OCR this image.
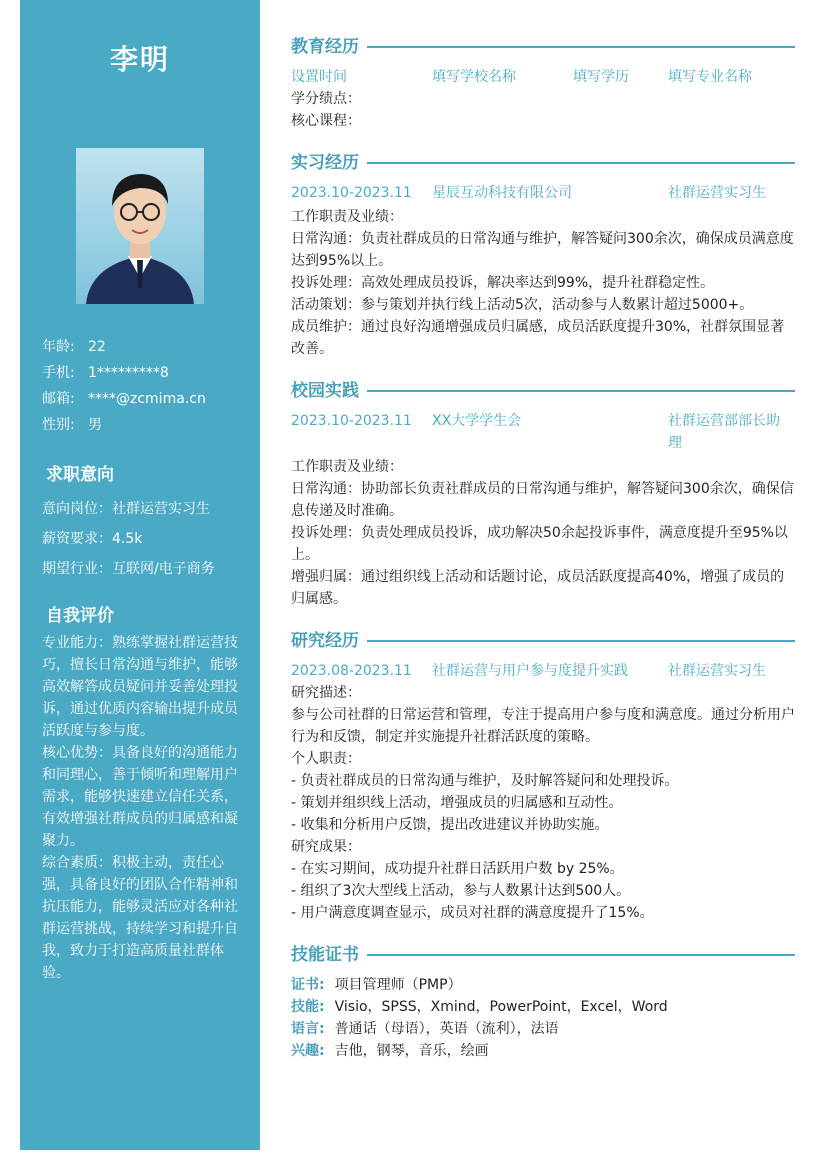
李明
年龄: 22
手机: 1*********8
邮箱: ****@zcmima.cn
性别: 男
求职意向
意向岗位：社群运营实习生
薪资要求：4.5k
期望行业：互联网/电子商务
自我评价
专业能力：熟练掌握社群运营技巧，擅长日常沟通与维护，能够高效解答成员疑问并妥善处理投诉，通过优质内容输出提升成员活跃度与参与度。
核心优势：具备良好的沟通能力和同理心，善于倾听和理解用户需求，能够快速建立信任关系，有效增强社群成员的归属感和凝聚力。
综合素质：积极主动，责任心强，具备良好的团队合作精神和抗压能力，能够灵活应对各种社群运营挑战，持续学习和提升自我，致力于打造高质量社群体验。
教育经历
设置时间	填写学校名称	填写学历	填写专业名称
学分绩点：
核心课程：
实习经历
2023.10-2023.11	星辰互动科技有限公司	社群运营实习生
工作职责及业绩：
日常沟通：负责社群成员的日常沟通与维护，解答疑问300余次，确保成员满意度达到95%以上。
投诉处理：高效处理成员投诉，解决率达到99%，提升社群稳定性。
活动策划：参与策划并执行线上活动5次，活动参与人数累计超过5000+。
成员维护：通过良好沟通增强成员归属感，成员活跃度提升30%，社群氛围显著改善。
校园实践
2023.10-2023.11	XX大学学生会	社群运营部部长助理
工作职责及业绩：
日常沟通：协助部长负责社群成员的日常沟通与维护，解答疑问300余次，确保信息传递及时准确。
投诉处理：负责处理成员投诉，成功解决50余起投诉事件，满意度提升至95%以上。
增强归属：通过组织线上活动和话题讨论，成员活跃度提高40%，增强了成员的归属感。
研究经历
2023.08-2023.11	社群运营与用户参与度提升实践	社群运营实习生
研究描述：
参与公司社群的日常运营和管理，专注于提高用户参与度和满意度。通过分析用户行为和反馈，制定并实施提升社群活跃度的策略。
个人职责：
- 负责社群成员的日常沟通与维护，及时解答疑问和处理投诉。
- 策划并组织线上活动，增强成员的归属感和互动性。
- 收集和分析用户反馈，提出改进建议并协助实施。
研究成果：
- 在实习期间，成功提升社群日活跃用户数 by 25%。
- 组织了3次大型线上活动，参与人数累计达到500人。
- 用户满意度调查显示，成员对社群的满意度提升了15%。
技能证书
证书: 项目管理师（PMP）
技能: Visio，SPSS，Xmind，PowerPoint，Excel，Word
语言: 普通话（母语），英语（流利），法语
兴趣: 吉他，钢琴，音乐，绘画
